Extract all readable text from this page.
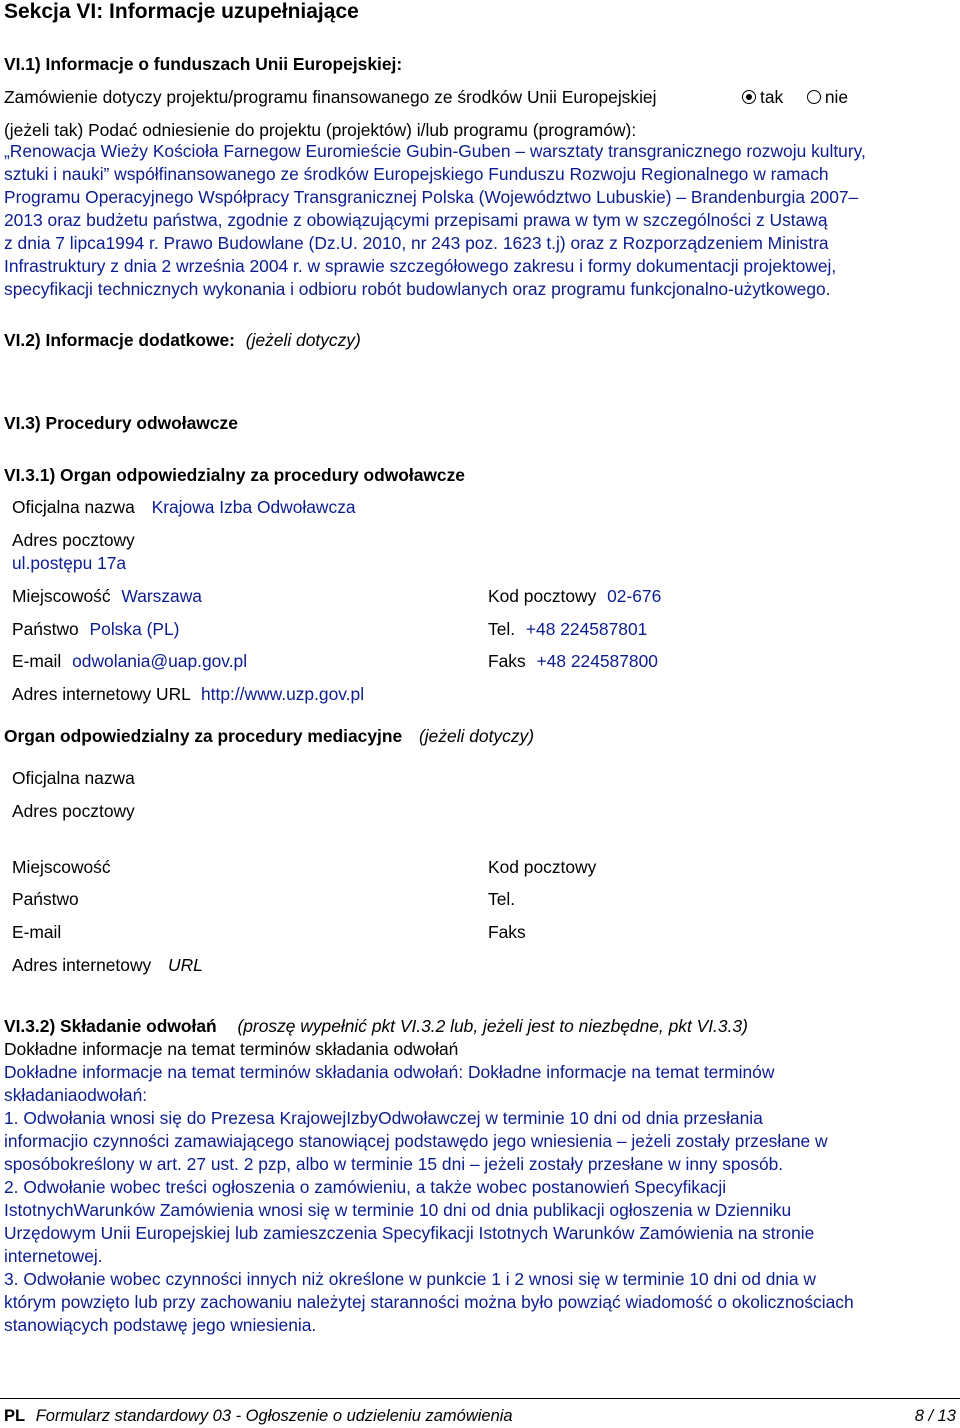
Sekcja VI: Informacje uzupełniające
VI.1) Informacje o funduszach Unii Europejskiej:
Zamówienie dotyczy projektu/programu finansowanego ze środków Unii Europejskiej	tak nie
(jeżeli tak) Podać odniesienie do projektu (projektów) i/lub programu (programów):
„Renowacja Wieży Kościoła Farnegow Euromieście Gubin-Guben – warsztaty transgranicznego rozwoju kultury,
sztuki i nauki” współfinansowanego ze środków Europejskiego Funduszu Rozwoju Regionalnego w ramach
Programu Operacyjnego Współpracy Transgranicznej Polska (Województwo Lubuskie) – Brandenburgia 2007–
2013 oraz budżetu państwa, zgodnie z obowiązującymi przepisami prawa w tym w szczególności z Ustawą
z dnia 7 lipca1994 r. Prawo Budowlane (Dz.U. 2010, nr 243 poz. 1623 t.j) oraz z Rozporządzeniem Ministra
Infrastruktury z dnia 2 września 2004 r. w sprawie szczegółowego zakresu i formy dokumentacji projektowej,
specyfikacji technicznych wykonania i odbioru robót budowlanych oraz programu funkcjonalno-użytkowego.
VI.2) Informacje dodatkowe: (jeżeli dotyczy)
VI.3) Procedury odwoławcze
VI.3.1) Organ odpowiedzialny za procedury odwoławcze
Oficjalna nazwa Krajowa Izba Odwoławcza
Adres pocztowy
ul.postępu 17a
Miejscowość Warszawa	Kod pocztowy 02-676
Państwo Polska (PL)	Tel. +48 224587801
E-mail odwolania@uap.gov.pl	Faks +48 224587800
Adres internetowy URL http://www.uzp.gov.pl
Organ odpowiedzialny za procedury mediacyjne (jeżeli dotyczy)
Oficjalna nazwa
Adres pocztowy
Miejscowość	Kod pocztowy
Państwo	Tel.
E-mail	Faks
Adres internetowy URL
VI.3.2) Składanie odwołań (proszę wypełnić pkt VI.3.2 lub, jeżeli jest to niezbędne, pkt VI.3.3)
Dokładne informacje na temat terminów składania odwołań
Dokładne informacje na temat terminów składania odwołań: Dokładne informacje na temat terminów
składaniaodwołań:
1. Odwołania wnosi się do Prezesa KrajowejIzbyOdwoławczej w terminie 10 dni od dnia przesłania
informacjio czynności zamawiającego stanowiącej podstawędo jego wniesienia – jeżeli zostały przesłane w
sposóbokreślony w art. 27 ust. 2 pzp, albo w terminie 15 dni – jeżeli zostały przesłane w inny sposób.
2. Odwołanie wobec treści ogłoszenia o zamówieniu, a także wobec postanowień Specyfikacji
IstotnychWarunków Zamówienia wnosi się w terminie 10 dni od dnia publikacji ogłoszenia w Dzienniku
Urzędowym Unii Europejskiej lub zamieszczenia Specyfikacji Istotnych Warunków Zamówienia na stronie
internetowej.
3. Odwołanie wobec czynności innych niż określone w punkcie 1 i 2 wnosi się w terminie 10 dni od dnia w
którym powzięto lub przy zachowaniu należytej staranności można było powziąć wiadomość o okolicznościach
stanowiących podstawę jego wniesienia.
PL Formularz standardowy 03 - Ogłoszenie o udzieleniu zamówienia	8 / 13
